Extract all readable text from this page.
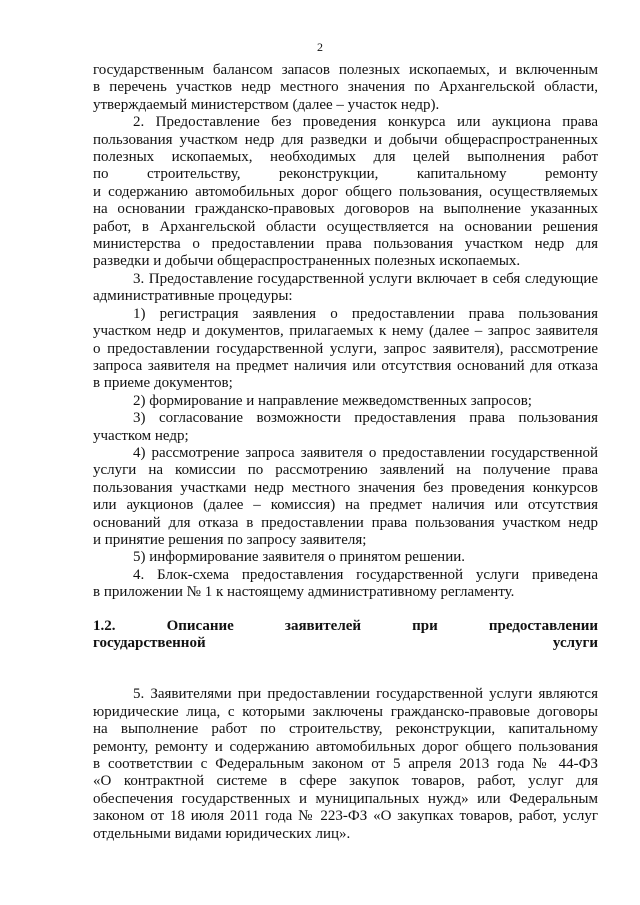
2

государственным балансом запасов полезных ископаемых, и включенным

в перечень участков недр местного значения по Архангельской области,

утверждаемый министерством (далее – участок недр).

2. Предоставление без проведения конкурса или аукциона права

пользования участком недр для разведки и добычи общераспространенных

полезных ископаемых, необходимых для целей выполнения работ

по строительству, реконструкции, капитальному ремонту

и содержанию автомобильных дорог общего пользования, осуществляемых

на основании гражданско-правовых договоров на выполнение указанных

работ, в Архангельской области осуществляется на основании решения

министерства о предоставлении права пользования участком недр для

разведки и добычи общераспространенных полезных ископаемых.

3. Предоставление государственной услуги включает в себя следующие

административные процедуры:

1) регистрация заявления о предоставлении права пользования

участком недр и документов, прилагаемых к нему (далее – запрос заявителя

о предоставлении государственной услуги, запрос заявителя), рассмотрение

запроса заявителя на предмет наличия или отсутствия оснований для отказа

в приеме документов;

2) формирование и направление межведомственных запросов;

3) согласование возможности предоставления права пользования

участком недр;

4) рассмотрение запроса заявителя о предоставлении государственной

услуги на комиссии по рассмотрению заявлений на получение права

пользования участками недр местного значения без проведения конкурсов

или аукционов (далее – комиссия) на предмет наличия или отсутствия

оснований для отказа в предоставлении права пользования участком недр

и принятие решения по запросу заявителя;

5) информирование заявителя о принятом решении.

4. Блок-схема предоставления государственной услуги приведена

в приложении № 1 к настоящему административному регламенту.

1.2. Описание заявителей при предоставлении

государственной услуги

5. Заявителями при предоставлении государственной услуги являются

юридические лица, с которыми заключены гражданско-правовые договоры

на выполнение работ по строительству, реконструкции, капитальному

ремонту, ремонту и содержанию автомобильных дорог общего пользования

в соответствии с Федеральным законом от 5 апреля 2013 года № 44-ФЗ

«О контрактной системе в сфере закупок товаров, работ, услуг для

обеспечения государственных и муниципальных нужд» или Федеральным

законом от 18 июля 2011 года № 223-ФЗ «О закупках товаров, работ, услуг

отдельными видами юридических лиц».
